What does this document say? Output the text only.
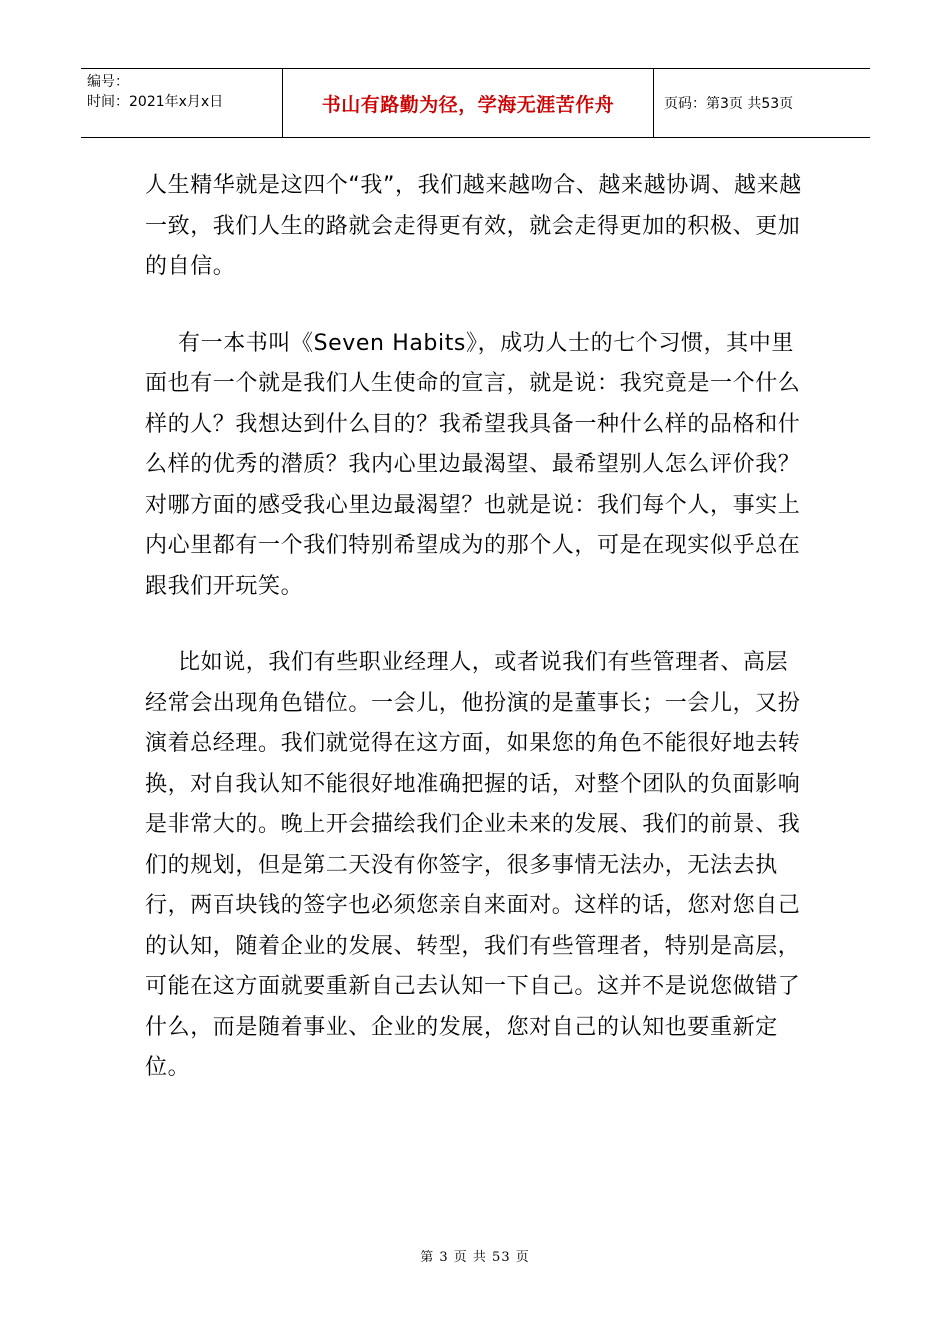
编号：
时间：2021年x月x日	书山有路勤为径，学海无涯苦作舟	页码：第3页 共53页

人生精华就是这四个“我”，我们越来越吻合、越来越协调、越来越一致，我们人生的路就会走得更有效，就会走得更加的积极、更加的自信。

有一本书叫《Seven Habits》，成功人士的七个习惯，其中里面也有一个就是我们人生使命的宣言，就是说：我究竟是一个什么样的人？我想达到什么目的？我希望我具备一种什么样的品格和什么样的优秀的潜质？我内心里边最渴望、最希望别人怎么评价我？对哪方面的感受我心里边最渴望？也就是说：我们每个人，事实上内心里都有一个我们特别希望成为的那个人，可是在现实似乎总在跟我们开玩笑。

比如说，我们有些职业经理人，或者说我们有些管理者、高层经常会出现角色错位。一会儿，他扮演的是董事长；一会儿，又扮演着总经理。我们就觉得在这方面，如果您的角色不能很好地去转换，对自我认知不能很好地准确把握的话，对整个团队的负面影响是非常大的。晚上开会描绘我们企业未来的发展、我们的前景、我们的规划，但是第二天没有你签字，很多事情无法办，无法去执行，两百块钱的签字也必须您亲自来面对。这样的话，您对您自己的认知，随着企业的发展、转型，我们有些管理者，特别是高层，可能在这方面就要重新自己去认知一下自己。这并不是说您做错了什么，而是随着事业、企业的发展，您对自己的认知也要重新定位。

第 3 页 共 53 页
